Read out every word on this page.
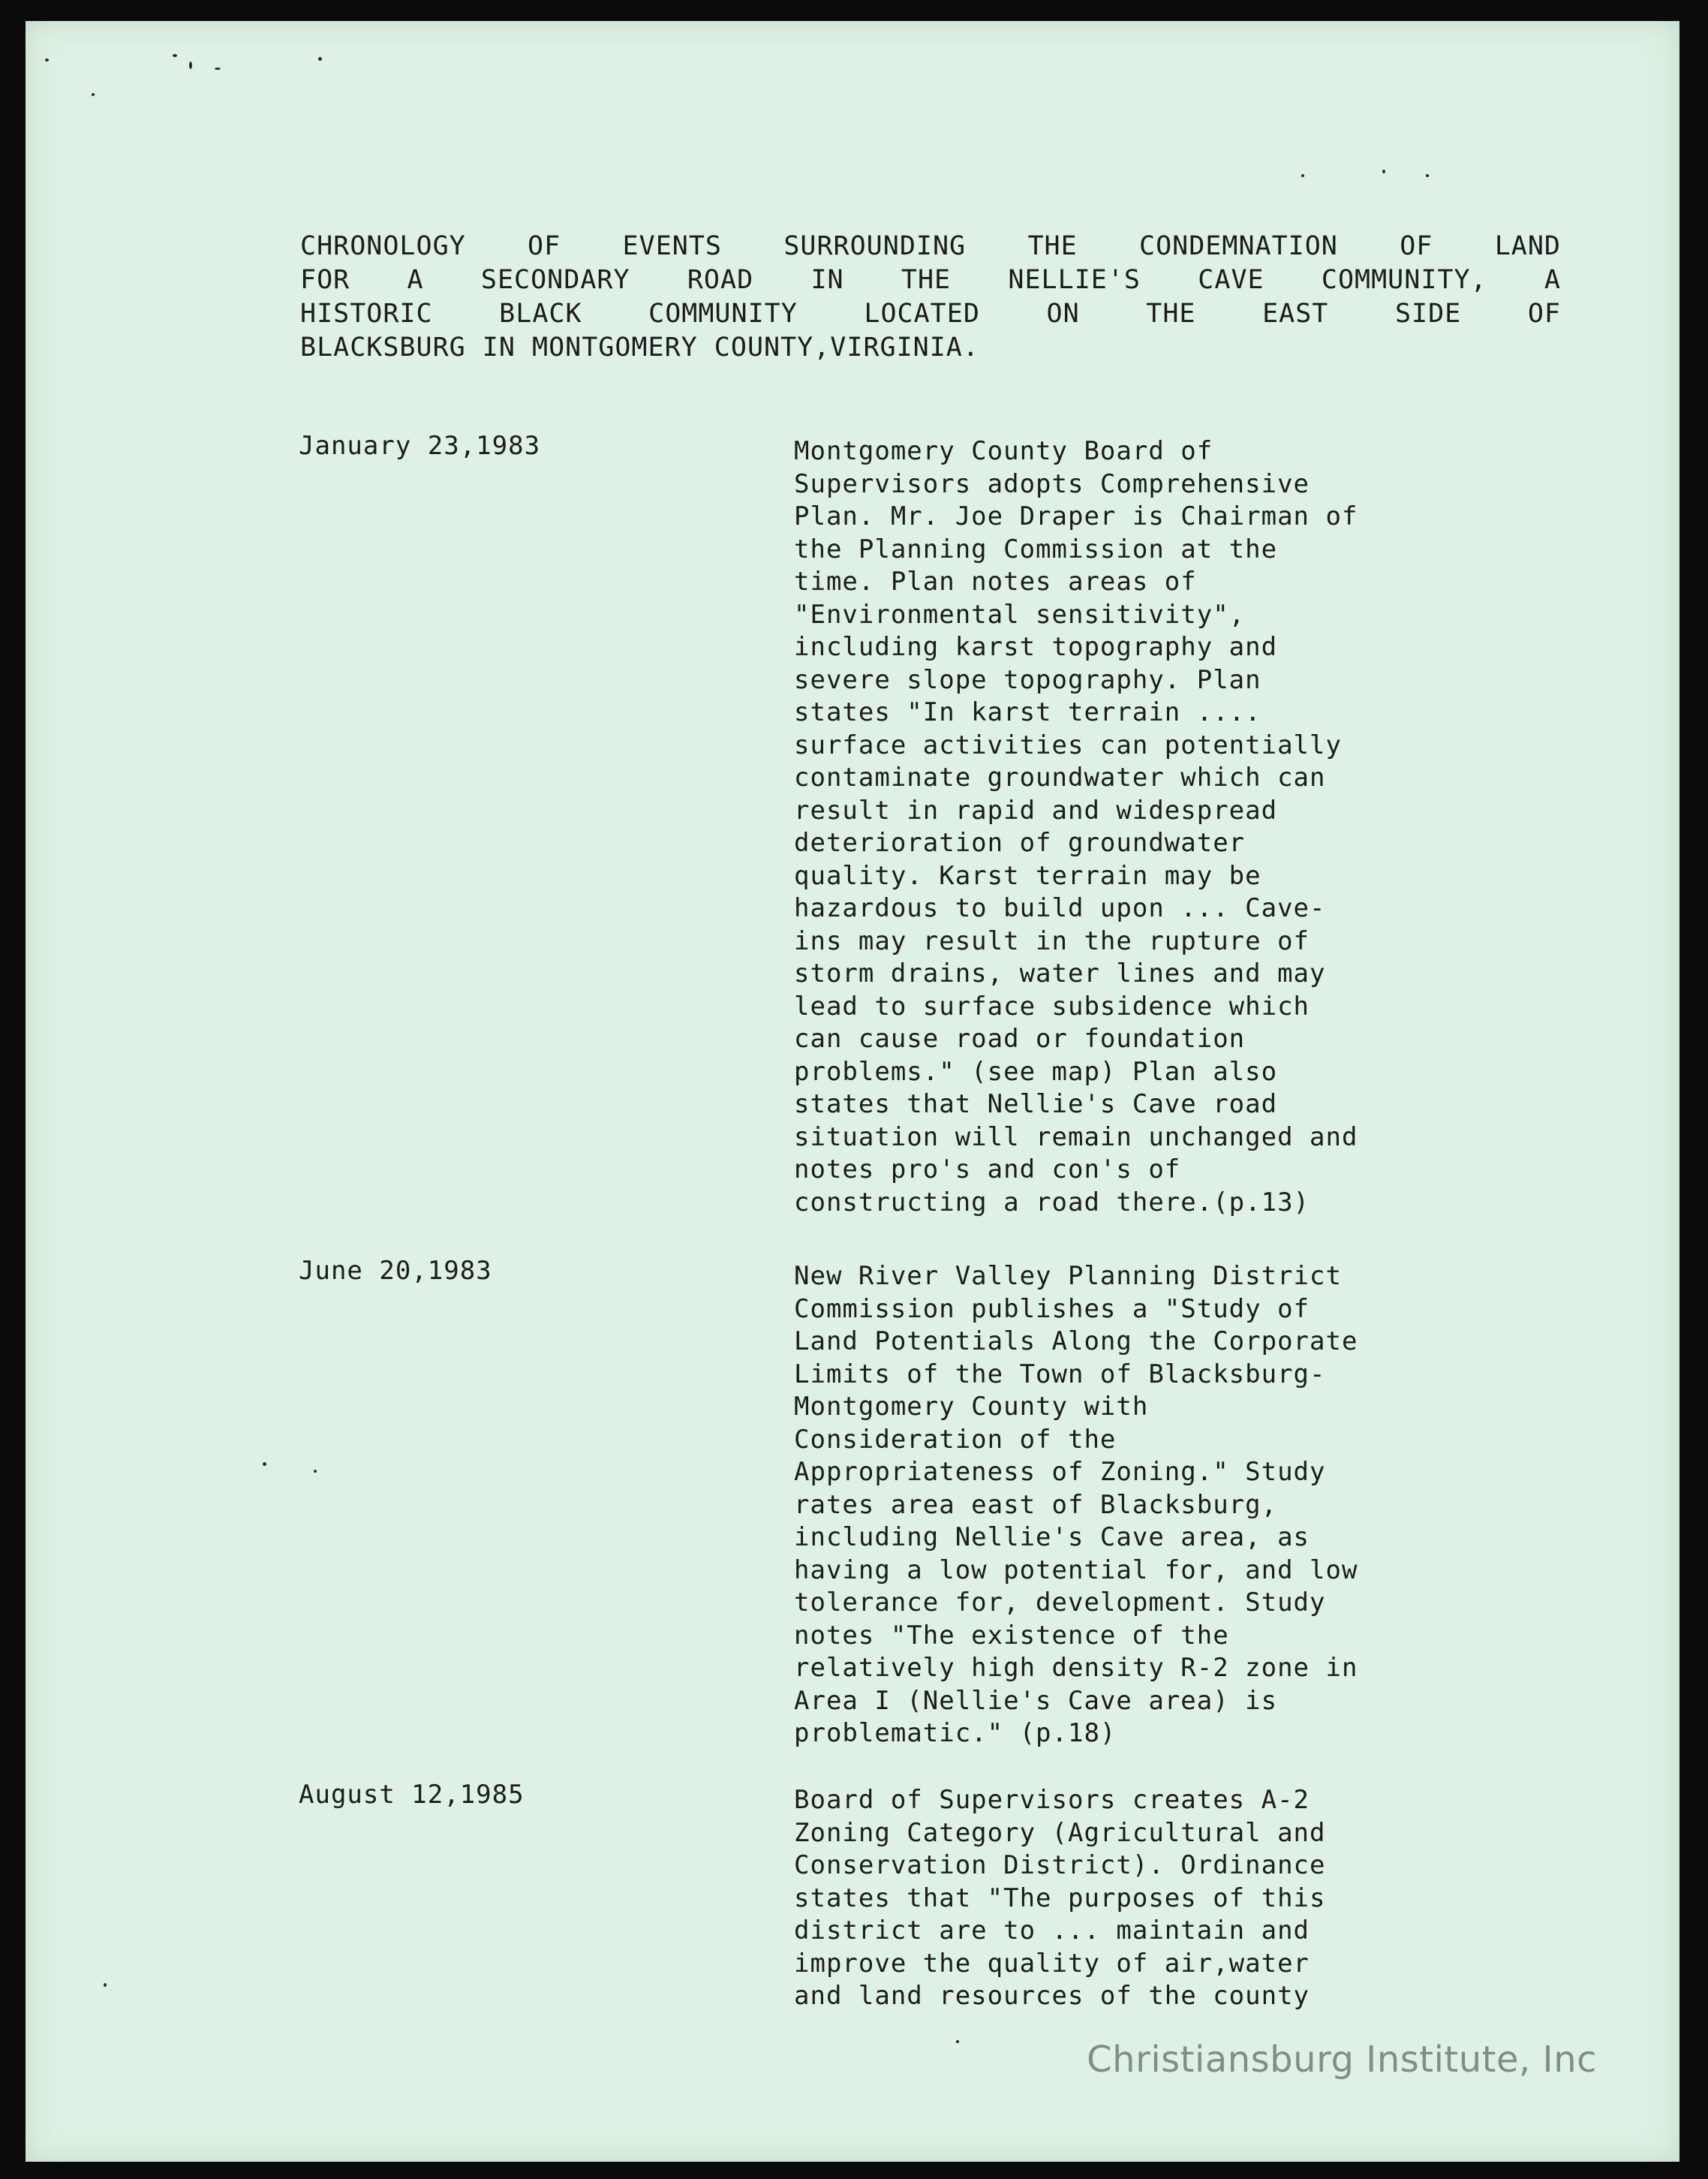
CHRONOLOGY OF EVENTS SURROUNDING THE CONDEMNATION OF LAND
FOR A SECONDARY ROAD IN THE NELLIE'S CAVE COMMUNITY, A
HISTORIC BLACK COMMUNITY LOCATED ON THE EAST SIDE OF
BLACKSBURG IN MONTGOMERY COUNTY,VIRGINIA.
January 23,1983	Montgomery County Board of
Supervisors adopts Comprehensive
Plan. Mr. Joe Draper is Chairman of
the Planning Commission at the
time. Plan notes areas of
"Environmental sensitivity",
including karst topography and
severe slope topography. Plan
states "In karst terrain ....
surface activities can potentially
contaminate groundwater which can
result in rapid and widespread
deterioration of groundwater
quality. Karst terrain may be
hazardous to build upon ... Cave-
ins may result in the rupture of
storm drains, water lines and may
lead to surface subsidence which
can cause road or foundation
problems." (see map) Plan also
states that Nellie's Cave road
situation will remain unchanged and
notes pro's and con's of
constructing a road there.(p.13)
June 20,1983	New River Valley Planning District
Commission publishes a "Study of
Land Potentials Along the Corporate
Limits of the Town of Blacksburg-
Montgomery County with
Consideration of the
Appropriateness of Zoning." Study
rates area east of Blacksburg,
including Nellie's Cave area, as
having a low potential for, and low
tolerance for, development. Study
notes "The existence of the
relatively high density R-2 zone in
Area I (Nellie's Cave area) is
problematic." (p.18)
August 12,1985	Board of Supervisors creates A-2
Zoning Category (Agricultural and
Conservation District). Ordinance
states that "The purposes of this
district are to ... maintain and
improve the quality of air,water
and land resources of the county
Christiansburg Institute, Inc
